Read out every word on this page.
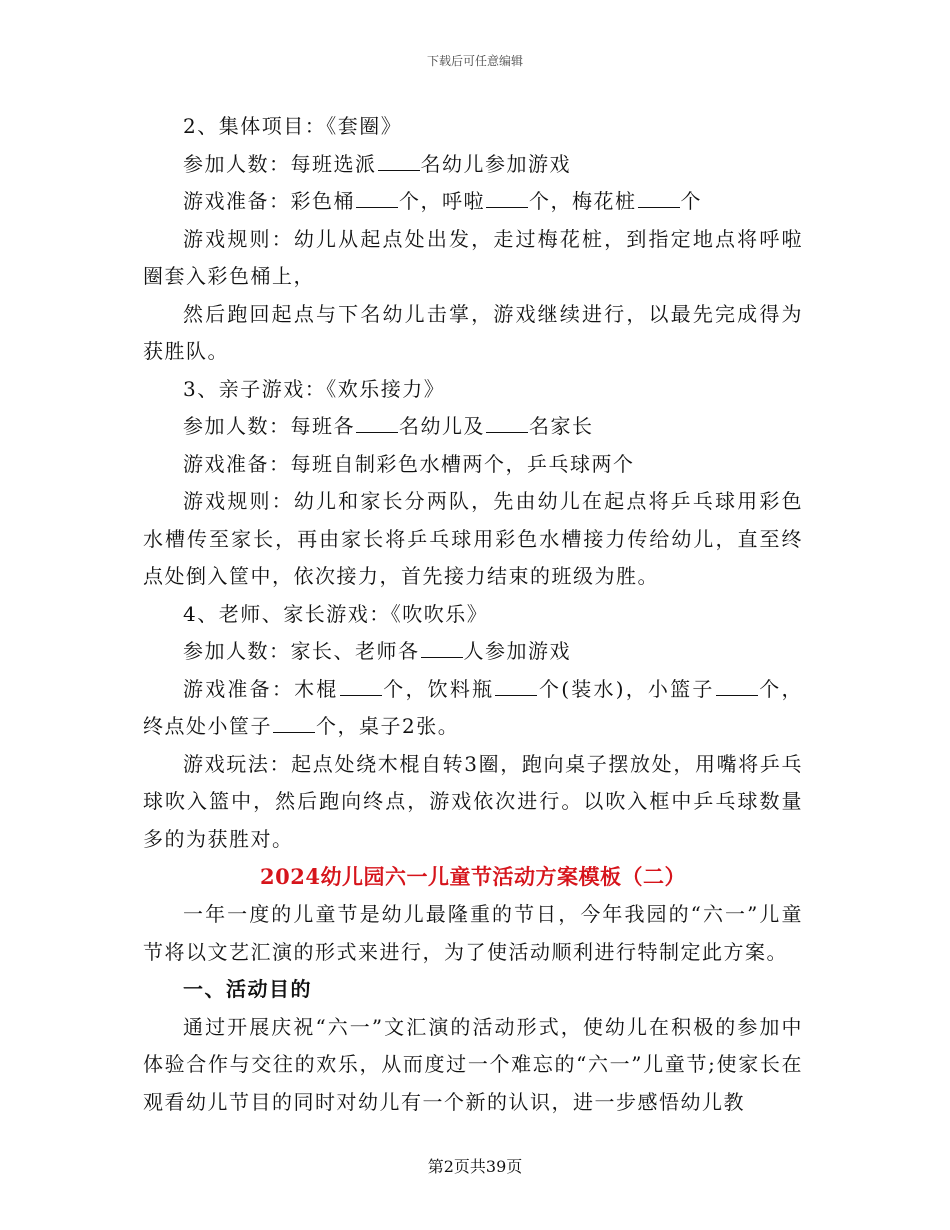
下载后可任意编辑

2、集体项目：《套圈》

参加人数：每班选派 名幼儿参加游戏

游戏准备：彩色桶 个，呼啦 个，梅花桩 个

游戏规则：幼儿从起点处出发，走过梅花桩，到指定地点将呼啦圈套入彩色桶上，

然后跑回起点与下名幼儿击掌，游戏继续进行，以最先完成得为获胜队。

3、亲子游戏：《欢乐接力》

参加人数：每班各 名幼儿及 名家长

游戏准备：每班自制彩色水槽两个，乒乓球两个

游戏规则：幼儿和家长分两队，先由幼儿在起点将乒乓球用彩色水槽传至家长，再由家长将乒乓球用彩色水槽接力传给幼儿，直至终点处倒入筐中，依次接力，首先接力结束的班级为胜。

4、老师、家长游戏：《吹吹乐》

参加人数：家长、老师各 人参加游戏

游戏准备：木棍 个，饮料瓶 个(装水)，小篮子 个，终点处小筐子 个，桌子2张。

游戏玩法：起点处绕木棍自转3圈，跑向桌子摆放处，用嘴将乒乓球吹入篮中，然后跑向终点，游戏依次进行。以吹入框中乒乓球数量多的为获胜对。

2024幼儿园六一儿童节活动方案模板（二）

一年一度的儿童节是幼儿最隆重的节日，今年我园的“六一”儿童节将以文艺汇演的形式来进行，为了使活动顺利进行特制定此方案。

一、活动目的

通过开展庆祝“六一”文汇演的活动形式，使幼儿在积极的参加中体验合作与交往的欢乐，从而度过一个难忘的“六一”儿童节;使家长在观看幼儿节目的同时对幼儿有一个新的认识，进一步感悟幼儿教

第2页共39页
